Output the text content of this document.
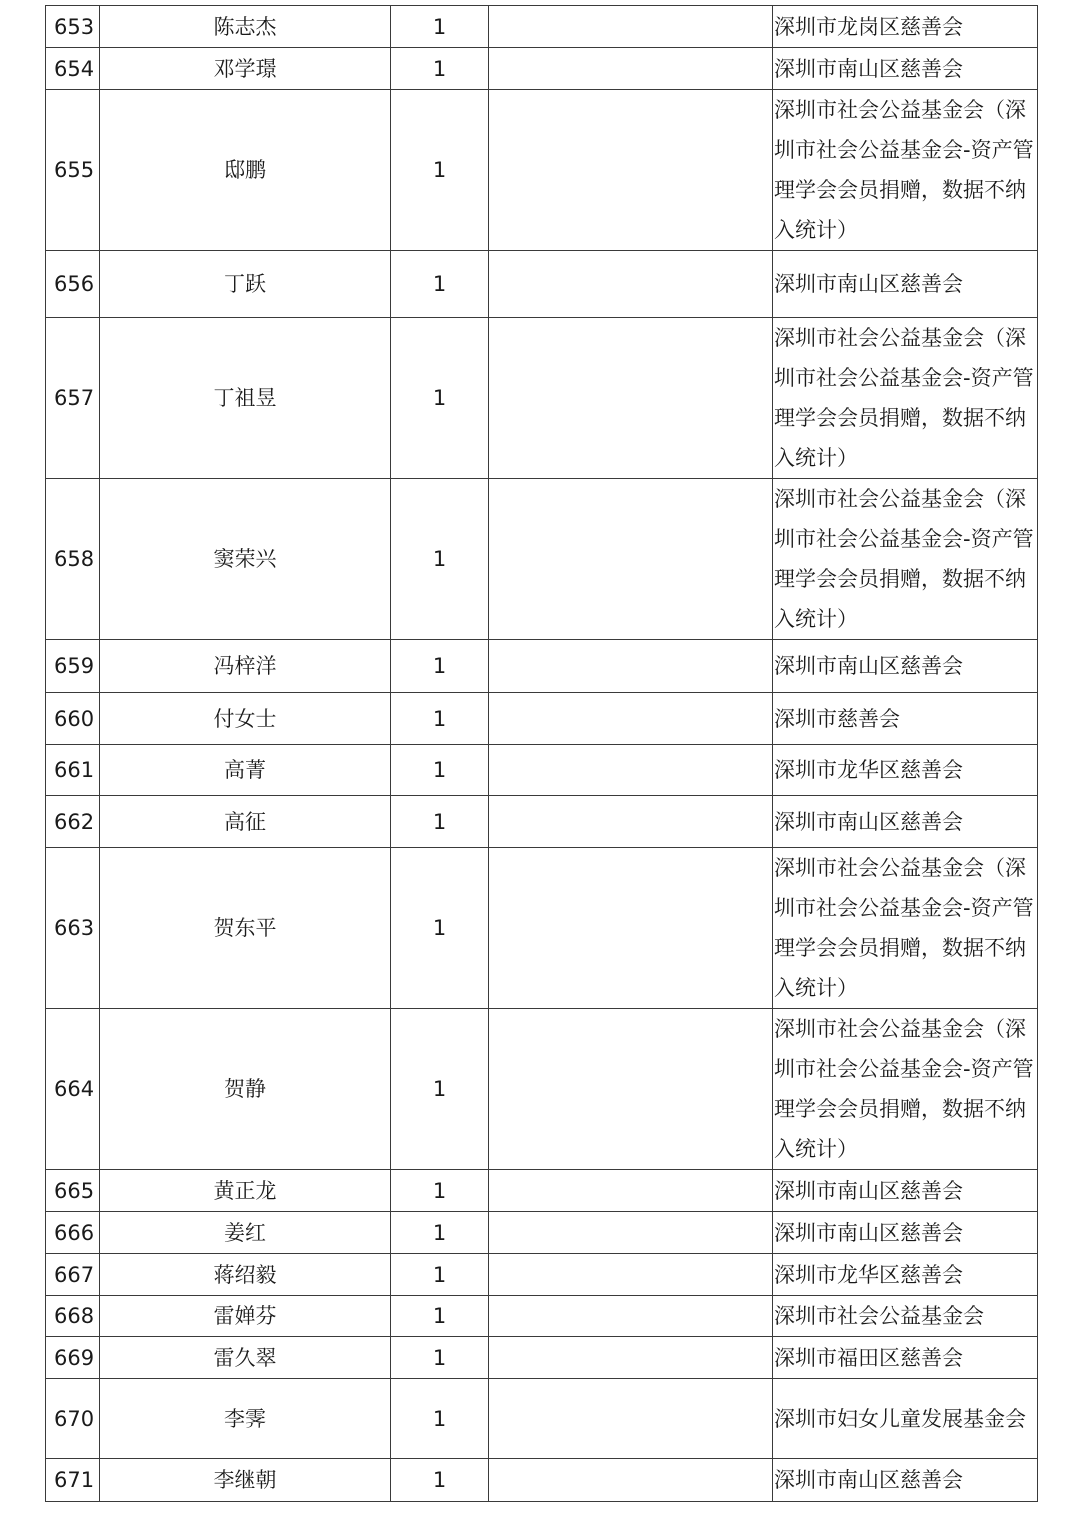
653	陈志杰	1		深圳市龙岗区慈善会
654	邓学璟	1		深圳市南山区慈善会
655	邸鹏	1		深圳市社会公益基金会（深圳市社会公益基金会-资产管理学会会员捐赠，数据不纳入统计）
656	丁跃	1		深圳市南山区慈善会
657	丁祖昱	1		深圳市社会公益基金会（深圳市社会公益基金会-资产管理学会会员捐赠，数据不纳入统计）
658	窦荣兴	1		深圳市社会公益基金会（深圳市社会公益基金会-资产管理学会会员捐赠，数据不纳入统计）
659	冯梓洋	1		深圳市南山区慈善会
660	付女士	1		深圳市慈善会
661	高菁	1		深圳市龙华区慈善会
662	高征	1		深圳市南山区慈善会
663	贺东平	1		深圳市社会公益基金会（深圳市社会公益基金会-资产管理学会会员捐赠，数据不纳入统计）
664	贺静	1		深圳市社会公益基金会（深圳市社会公益基金会-资产管理学会会员捐赠，数据不纳入统计）
665	黄正龙	1		深圳市南山区慈善会
666	姜红	1		深圳市南山区慈善会
667	蒋绍毅	1		深圳市龙华区慈善会
668	雷婵芬	1		深圳市社会公益基金会
669	雷久翠	1		深圳市福田区慈善会
670	李霁	1		深圳市妇女儿童发展基金会
671	李继朝	1		深圳市南山区慈善会
